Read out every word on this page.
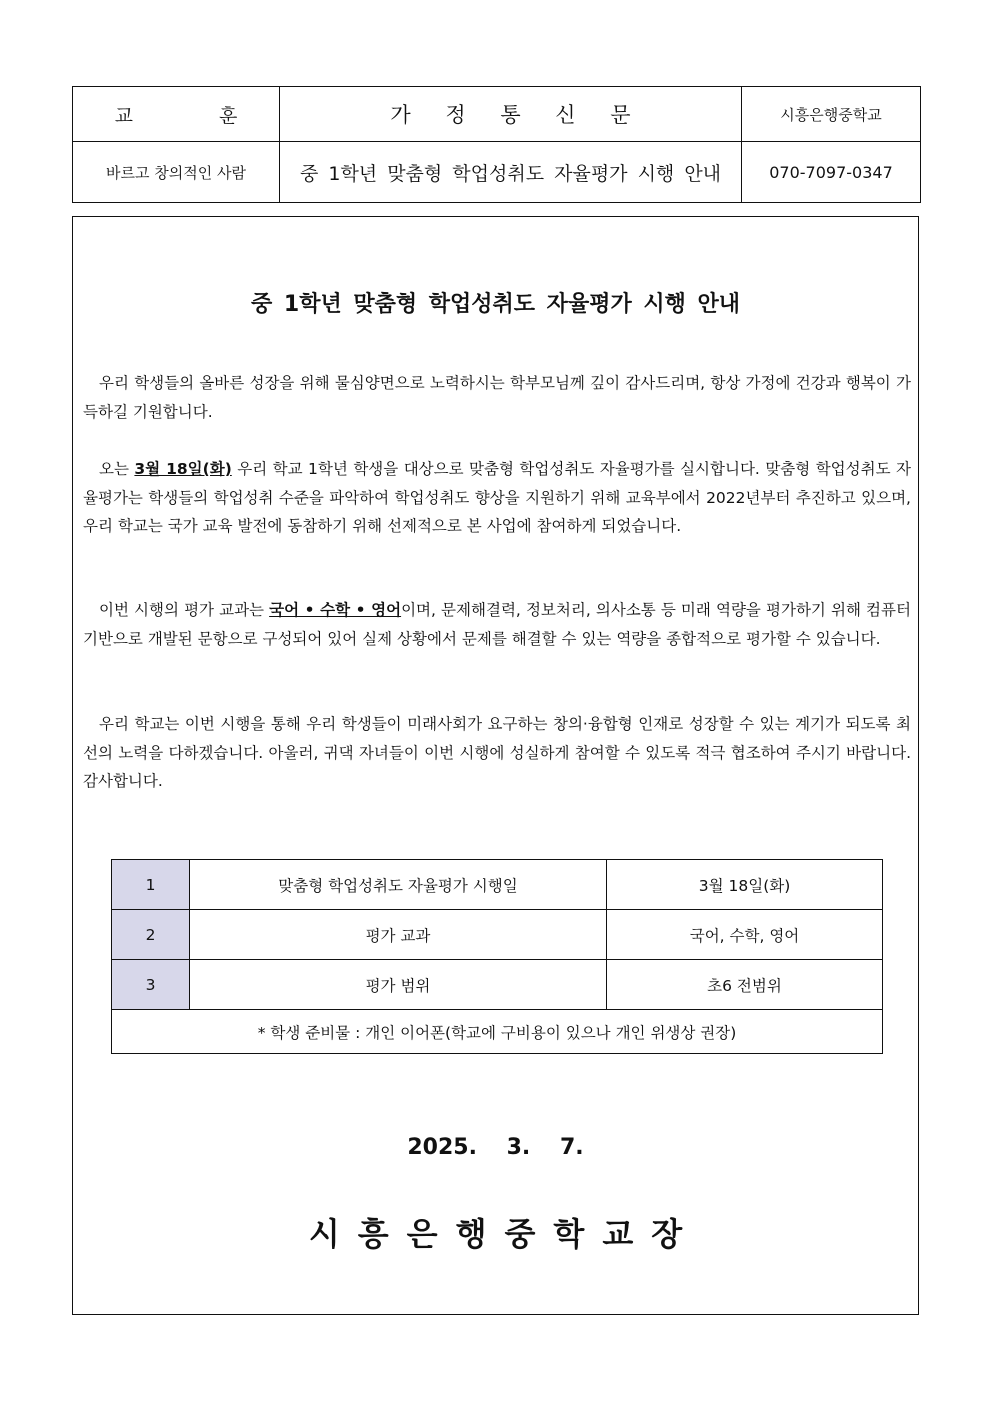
교 훈	가 정 통 신 문	시흥은행중학교
바르고 창의적인 사람	중 1학년 맞춤형 학업성취도 자율평가 시행 안내	070-7097-0347
중 1학년 맞춤형 학업성취도 자율평가 시행 안내

우리 학생들의 올바른 성장을 위해 물심양면으로 노력하시는 학부모님께 깊이 감사드리며, 항상 가정에 건강과 행복이 가득하길 기원합니다.

오는 3월 18일(화) 우리 학교 1학년 학생을 대상으로 맞춤형 학업성취도 자율평가를 실시합니다. 맞춤형 학업성취도 자율평가는 학생들의 학업성취 수준을 파악하여 학업성취도 향상을 지원하기 위해 교육부에서 2022년부터 추진하고 있으며, 우리 학교는 국가 교육 발전에 동참하기 위해 선제적으로 본 사업에 참여하게 되었습니다.

이번 시행의 평가 교과는 국어 • 수학 • 영어이며, 문제해결력, 정보처리, 의사소통 등 미래 역량을 평가하기 위해 컴퓨터 기반으로 개발된 문항으로 구성되어 있어 실제 상황에서 문제를 해결할 수 있는 역량을 종합적으로 평가할 수 있습니다.

우리 학교는 이번 시행을 통해 우리 학생들이 미래사회가 요구하는 창의·융합형 인재로 성장할 수 있는 계기가 되도록 최선의 노력을 다하겠습니다. 아울러, 귀댁 자녀들이 이번 시행에 성실하게 참여할 수 있도록 적극 협조하여 주시기 바랍니다. 감사합니다.

1	맞춤형 학업성취도 자율평가 시행일	3월 18일(화)
2	평가 교과	국어, 수학, 영어
3	평가 범위	초6 전범위
* 학생 준비물 : 개인 이어폰(학교에 구비용이 있으나 개인 위생상 권장)		
2025. 3. 7.
시흥은행중학교장
